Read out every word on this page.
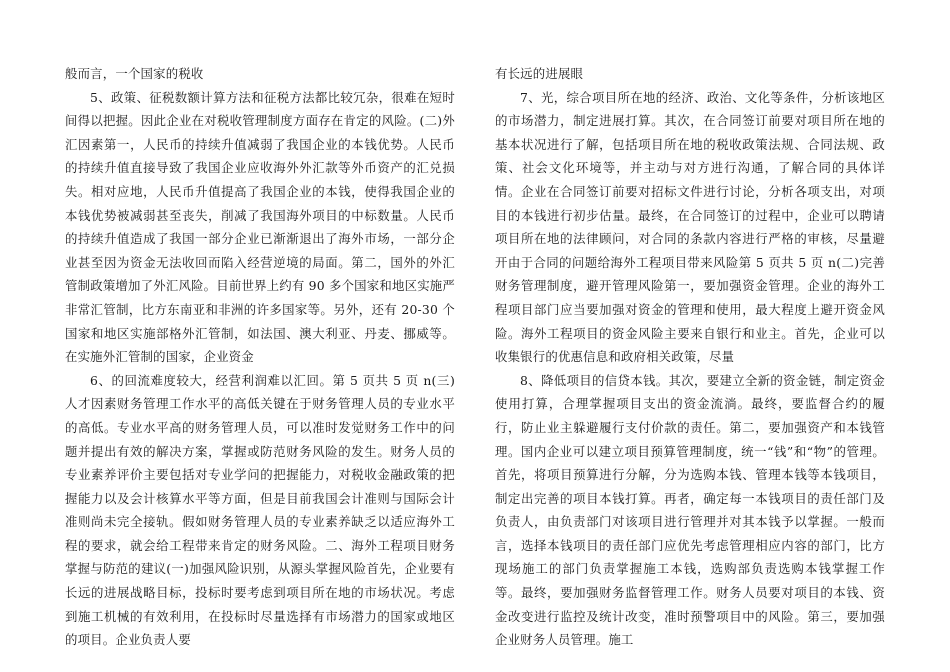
般而言，一个国家的税收

5、政策、征税数额计算方法和征税方法都比较冗杂，很难在短时间得以把握。因此企业在对税收管理制度方面存在肯定的风险。(二)外汇因素第一，人民币的持续升值减弱了我国企业的本钱优势。人民币的持续升值直接导致了我国企业应收海外外汇款等外币资产的汇兑损失。相对应地，人民币升值提高了我国企业的本钱，使得我国企业的本钱优势被减弱甚至丧失，削减了我国海外项目的中标数量。人民币的持续升值造成了我国一部分企业已渐渐退出了海外市场，一部分企业甚至因为资金无法收回而陷入经营逆境的局面。第二，国外的外汇管制政策增加了外汇风险。目前世界上约有 90 多个国家和地区实施严非常汇管制，比方东南亚和非洲的许多国家等。另外，还有 20-30 个国家和地区实施部格外汇管制，如法国、澳大利亚、丹麦、挪威等。在实施外汇管制的国家，企业资金

6、的回流难度较大，经营利润难以汇回。第 5 页共 5 页 n(三)人才因素财务管理工作水平的高低关键在于财务管理人员的专业水平的高低。专业水平高的财务管理人员，可以准时发觉财务工作中的问题并提出有效的解决方案，掌握或防范财务风险的发生。财务人员的专业素养评价主要包括对专业学问的把握能力，对税收金融政策的把握能力以及会计核算水平等方面，但是目前我国会计准则与国际会计准则尚未完全接轨。假如财务管理人员的专业素养缺乏以适应海外工程的要求，就会给工程带来肯定的财务风险。二、海外工程项目财务掌握与防范的建议(一)加强风险识别，从源头掌握风险首先，企业要有长远的进展战略目标，投标时要考虑到项目所在地的市场状况。考虑到施工机械的有效利用，在投标时尽量选择有市场潜力的国家或地区的项目。企业负责人要

有长远的进展眼

7、光，综合项目所在地的经济、政治、文化等条件，分析该地区的市场潜力，制定进展打算。其次，在合同签订前要对项目所在地的基本状况进行了解，包括项目所在地的税收政策法规、合同法规、政策、社会文化环境等，并主动与对方进行沟通，了解合同的具体详情。企业在合同签订前要对招标文件进行讨论，分析各项支出，对项目的本钱进行初步估量。最终，在合同签订的过程中，企业可以聘请项目所在地的法律顾问，对合同的条款内容进行严格的审核，尽量避开由于合同的问题给海外工程项目带来风险第 5 页共 5 页 n(二)完善财务管理制度，避开管理风险第一，要加强资金管理。企业的海外工程项目部门应当要加强对资金的管理和使用，最大程度上避开资金风险。海外工程项目的资金风险主要来自银行和业主。首先，企业可以收集银行的优惠信息和政府相关政策，尽量

8、降低项目的信贷本钱。其次，要建立全新的资金链，制定资金使用打算，合理掌握项目支出的资金流淌。最终，要监督合约的履行，防止业主躲避履行支付价款的责任。第二，要加强资产和本钱管理。国内企业可以建立项目预算管理制度，统一“钱”和“物”的管理。首先，将项目预算进行分解，分为选购本钱、管理本钱等本钱项目，制定出完善的项目本钱打算。再者，确定每一本钱项目的责任部门及负责人，由负责部门对该项目进行管理并对其本钱予以掌握。一般而言，选择本钱项目的责任部门应优先考虑管理相应内容的部门，比方现场施工的部门负责掌握施工本钱，选购部负责选购本钱掌握工作等。最终，要加强财务监督管理工作。财务人员要对项目的本钱、资金改变进行监控及统计改变，准时预警项目中的风险。第三，要加强企业财务人员管理。施工
